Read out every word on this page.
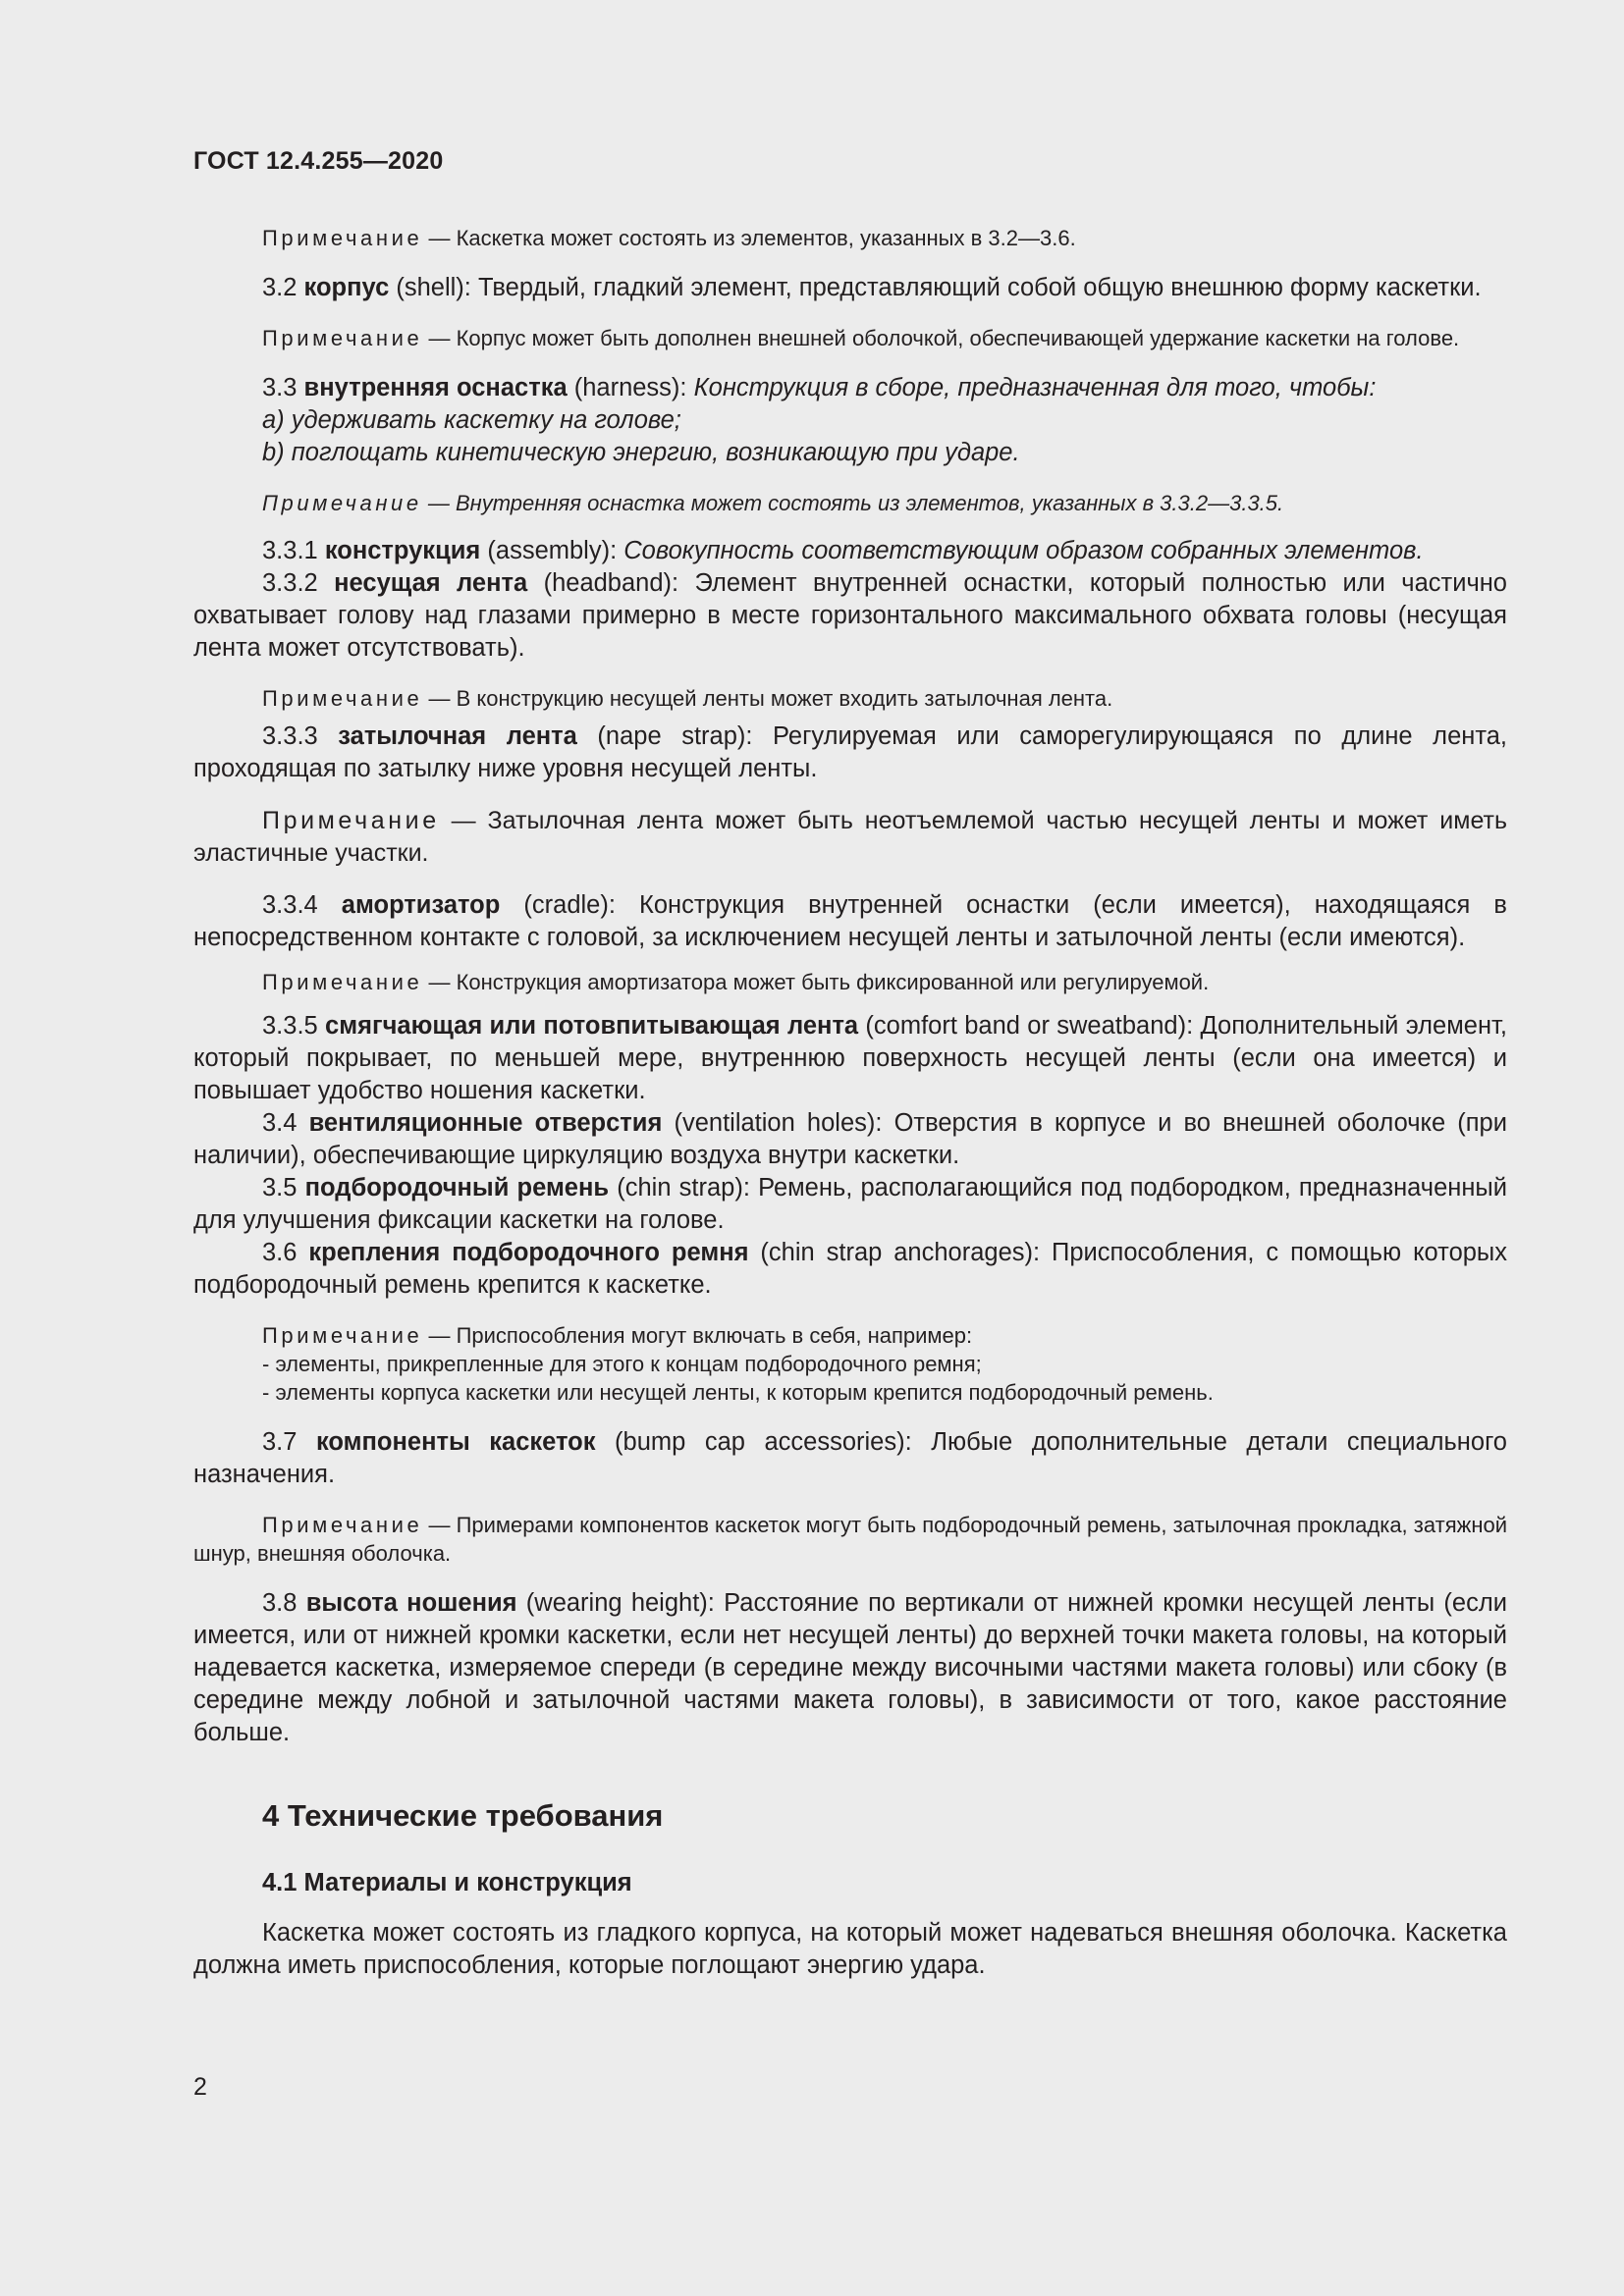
ГОСТ 12.4.255—2020

Примечание — Каскетка может состоять из элементов, указанных в 3.2—3.6.

3.2 корпус (shell): Твердый, гладкий элемент, представляющий собой общую внешнюю форму каскетки.

Примечание — Корпус может быть дополнен внешней оболочкой, обеспечивающей удержание каскетки на голове.

3.3 внутренняя оснастка (harness): Конструкция в сборе, предназначенная для того, чтобы:

a) удерживать каскетку на голове;

b) поглощать кинетическую энергию, возникающую при ударе.

Примечание — Внутренняя оснастка может состоять из элементов, указанных в 3.3.2—3.3.5.

3.3.1 конструкция (assembly): Совокупность соответствующим образом собранных элементов.

3.3.2 несущая лента (headband): Элемент внутренней оснастки, который полностью или частично охватывает голову над глазами примерно в месте горизонтального максимального обхвата головы (несущая лента может отсутствовать).

Примечание — В конструкцию несущей ленты может входить затылочная лента.

3.3.3 затылочная лента (nape strap): Регулируемая или саморегулирующаяся по длине лента, проходящая по затылку ниже уровня несущей ленты.

Примечание — Затылочная лента может быть неотъемлемой частью несущей ленты и может иметь эластичные участки.

3.3.4 амортизатор (cradle): Конструкция внутренней оснастки (если имеется), находящаяся в непосредственном контакте с головой, за исключением несущей ленты и затылочной ленты (если имеются).

Примечание — Конструкция амортизатора может быть фиксированной или регулируемой.

3.3.5 смягчающая или потовпитывающая лента (comfort band or sweatband): Дополнительный элемент, который покрывает, по меньшей мере, внутреннюю поверхность несущей ленты (если она имеется) и повышает удобство ношения каскетки.

3.4 вентиляционные отверстия (ventilation holes): Отверстия в корпусе и во внешней оболочке (при наличии), обеспечивающие циркуляцию воздуха внутри каскетки.

3.5 подбородочный ремень (chin strap): Ремень, располагающийся под подбородком, предназначенный для улучшения фиксации каскетки на голове.

3.6 крепления подбородочного ремня (chin strap anchorages): Приспособления, с помощью которых подбородочный ремень крепится к каскетке.

Примечание — Приспособления могут включать в себя, например:

- элементы, прикрепленные для этого к концам подбородочного ремня;

- элементы корпуса каскетки или несущей ленты, к которым крепится подбородочный ремень.

3.7 компоненты каскеток (bump cap accessories): Любые дополнительные детали специального назначения.

Примечание — Примерами компонентов каскеток могут быть подбородочный ремень, затылочная прокладка, затяжной шнур, внешняя оболочка.

3.8 высота ношения (wearing height): Расстояние по вертикали от нижней кромки несущей ленты (если имеется, или от нижней кромки каскетки, если нет несущей ленты) до верхней точки макета головы, на который надевается каскетка, измеряемое спереди (в середине между височными частями макета головы) или сбоку (в середине между лобной и затылочной частями макета головы), в зависимости от того, какое расстояние больше.

4 Технические требования

4.1 Материалы и конструкция

Каскетка может состоять из гладкого корпуса, на который может надеваться внешняя оболочка. Каскетка должна иметь приспособления, которые поглощают энергию удара.

2
